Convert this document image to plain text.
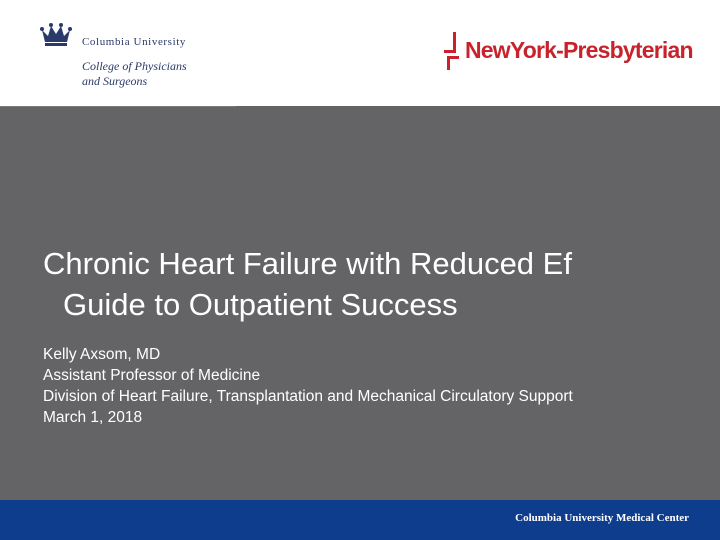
Columbia University
College of Physicians
and Surgeons
NewYork-Presbyterian
Chronic Heart Failure with Reduced Ef
Guide to Outpatient Success
Kelly Axsom, MD
Assistant Professor of Medicine
Division of Heart Failure, Transplantation and Mechanical Circulatory Support
March 1, 2018
Columbia University Medical Center
